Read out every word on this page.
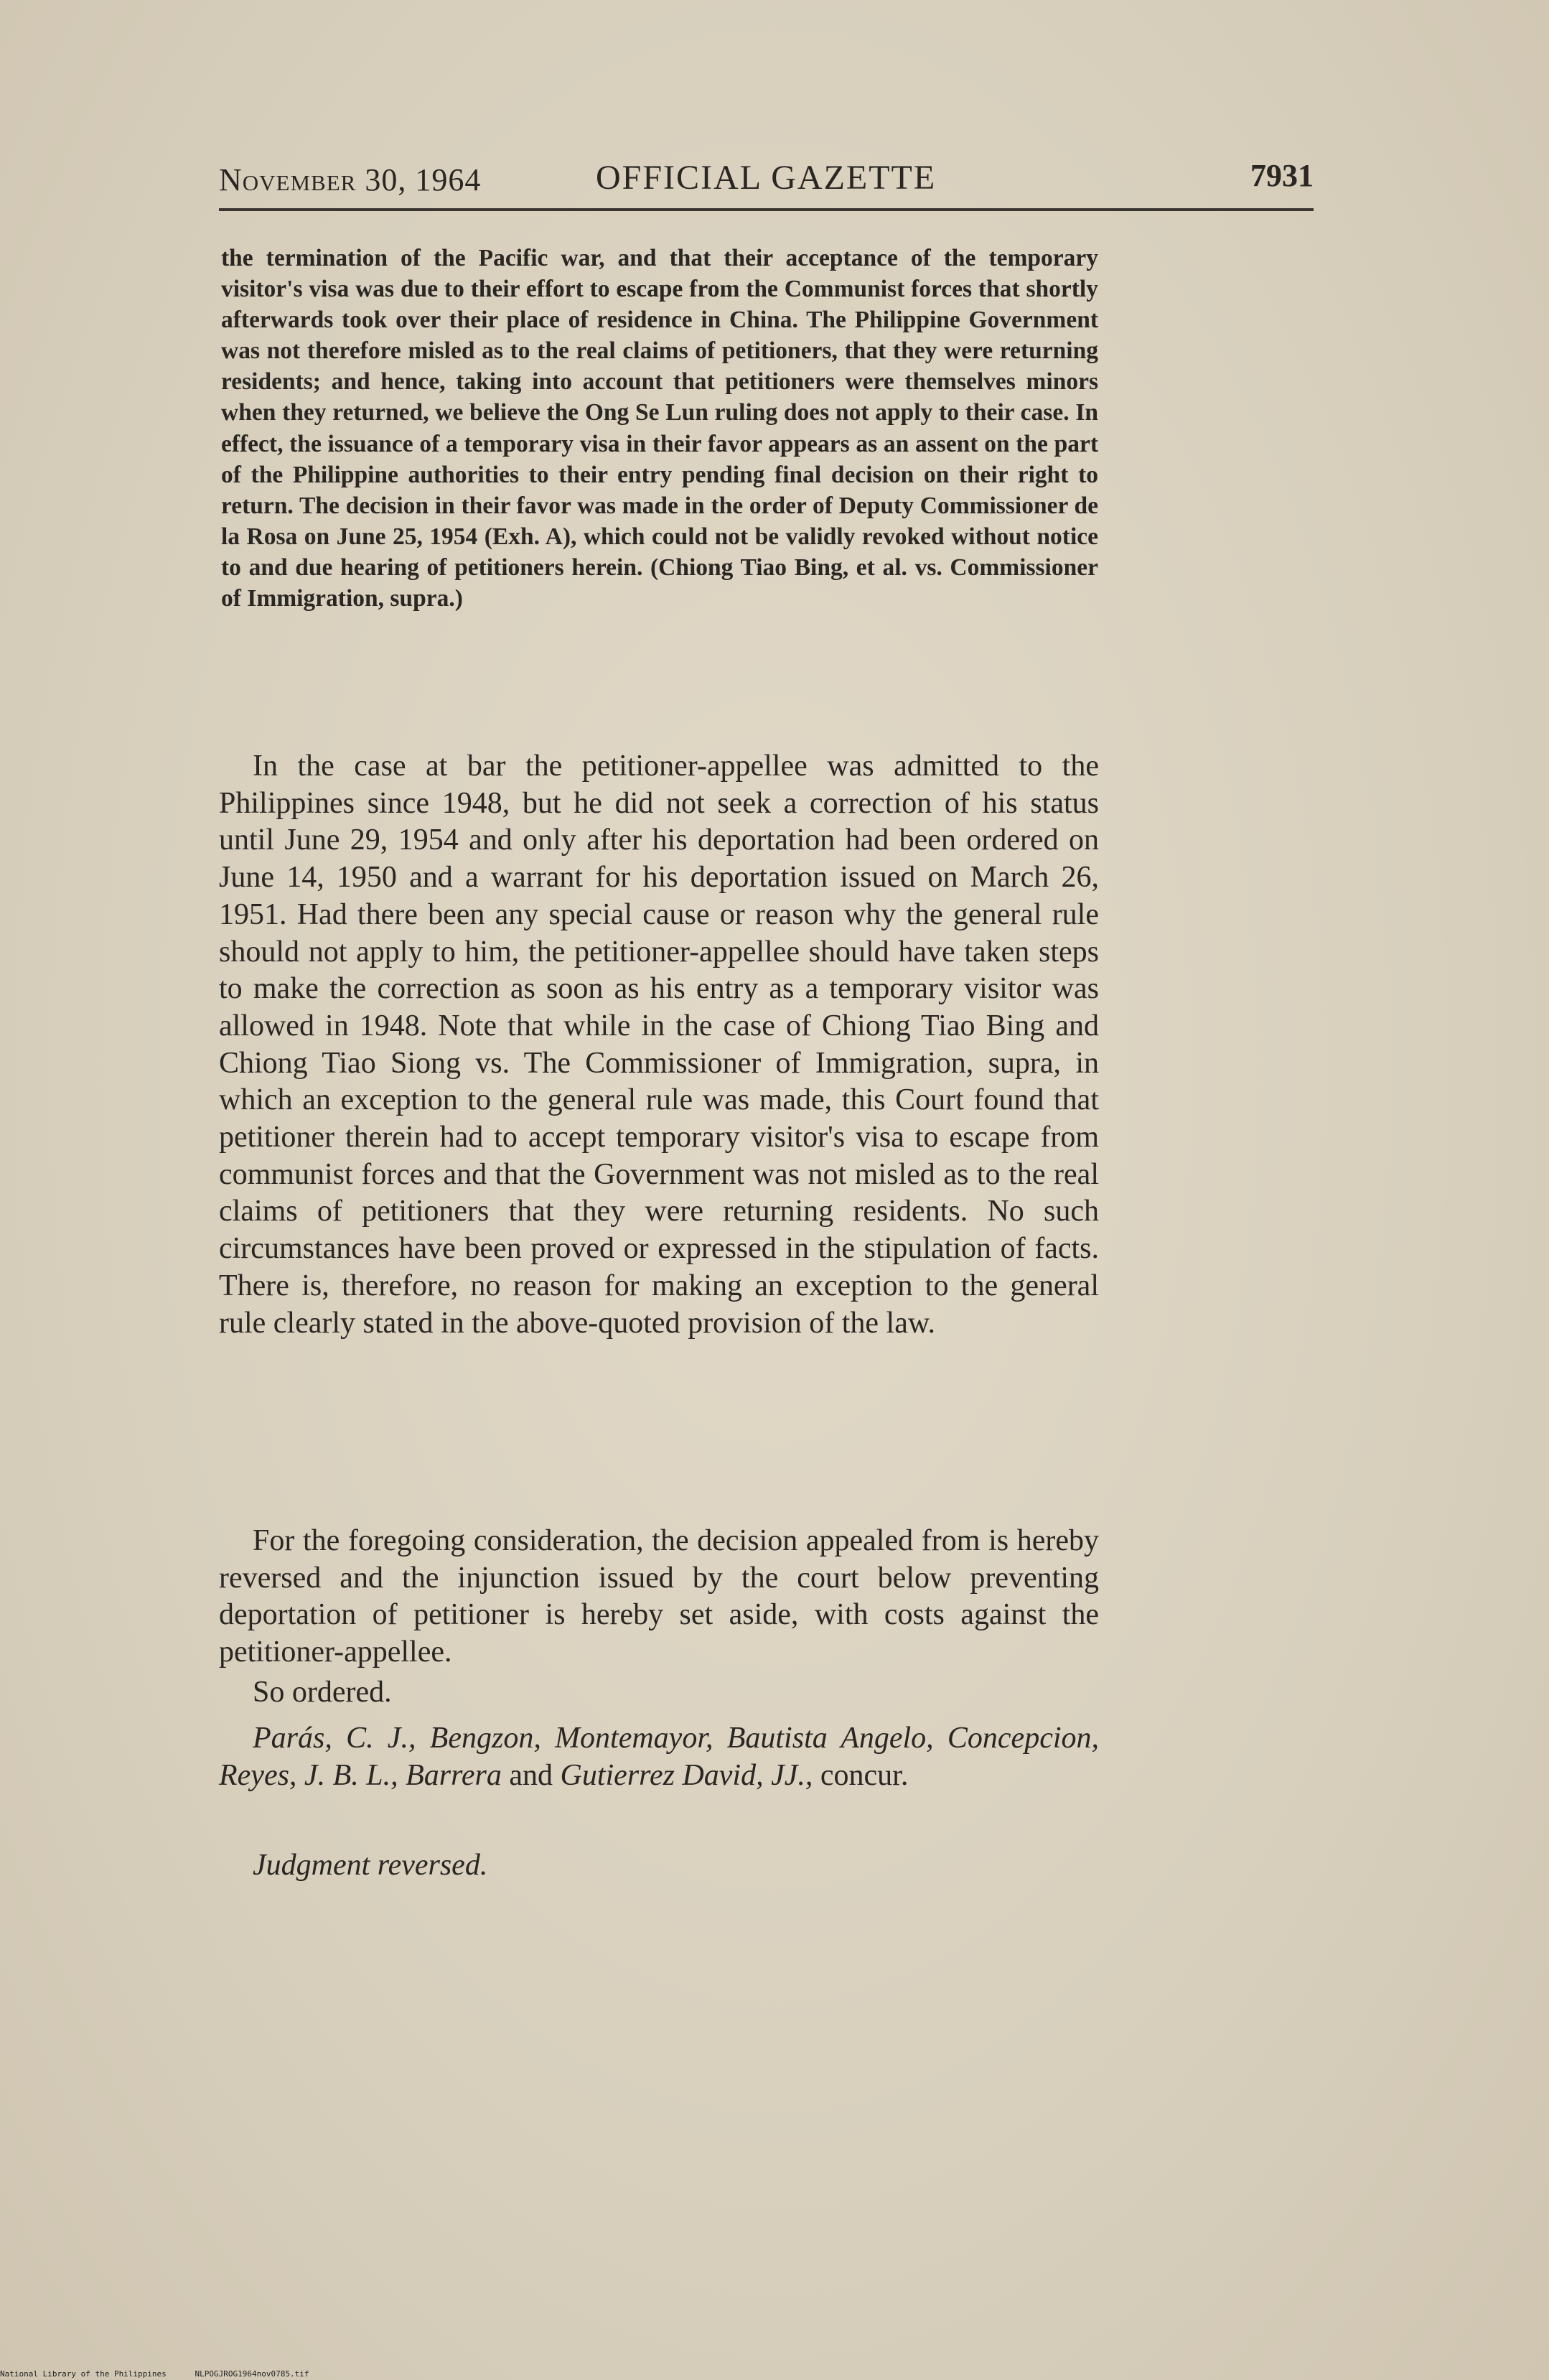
November 30, 1964	OFFICIAL GAZETTE	7931

the termination of the Pacific war, and that their acceptance of the temporary visitor's visa was due to their effort to escape from the Communist forces that shortly afterwards took over their place of residence in China. The Philippine Government was not therefore misled as to the real claims of petitioners, that they were returning residents; and hence, taking into account that petitioners were themselves minors when they returned, we believe the Ong Se Lun ruling does not apply to their case. In effect, the issuance of a temporary visa in their favor appears as an assent on the part of the Philippine authorities to their entry pending final decision on their right to return. The decision in their favor was made in the order of Deputy Commissioner de la Rosa on June 25, 1954 (Exh. A), which could not be validly revoked without notice to and due hearing of petitioners herein. (Chiong Tiao Bing, et al. vs. Commissioner of Immigration, supra.)

In the case at bar the petitioner-appellee was admitted to the Philippines since 1948, but he did not seek a correction of his status until June 29, 1954 and only after his deportation had been ordered on June 14, 1950 and a warrant for his deportation issued on March 26, 1951. Had there been any special cause or reason why the general rule should not apply to him, the petitioner-appellee should have taken steps to make the correction as soon as his entry as a temporary visitor was allowed in 1948. Note that while in the case of Chiong Tiao Bing and Chiong Tiao Siong vs. The Commissioner of Immigration, supra, in which an exception to the general rule was made, this Court found that petitioner therein had to accept temporary visitor's visa to escape from communist forces and that the Government was not misled as to the real claims of petitioners that they were returning residents. No such circumstances have been proved or expressed in the stipulation of facts. There is, therefore, no reason for making an exception to the general rule clearly stated in the above-quoted provision of the law.

For the foregoing consideration, the decision appealed from is hereby reversed and the injunction issued by the court below preventing deportation of petitioner is hereby set aside, with costs against the petitioner-appellee.

So ordered.

Parás, C. J., Bengzon, Montemayor, Bautista Angelo, Concepcion, Reyes, J. B. L., Barrera and Gutierrez David, JJ., concur.

Judgment reversed.

National Library of the Philippines	NLPOGJROG1964nov0785.tif
